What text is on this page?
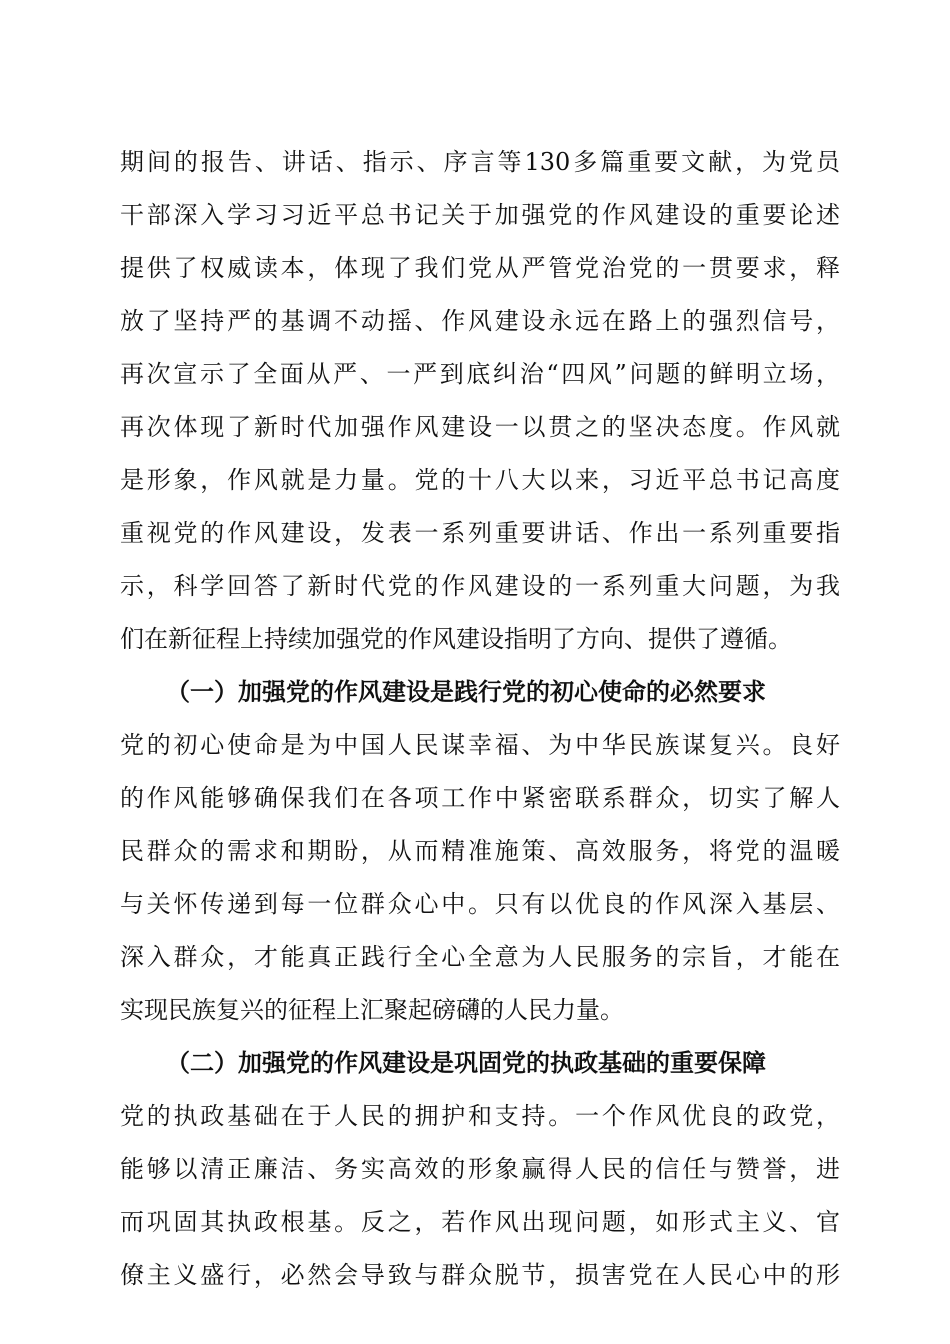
期间的报告、讲话、指示、序言等130多篇重要文献，为党员
干部深入学习习近平总书记关于加强党的作风建设的重要论述
提供了权威读本，体现了我们党从严管党治党的一贯要求，释
放了坚持严的基调不动摇、作风建设永远在路上的强烈信号，
再次宣示了全面从严、一严到底纠治“四风”问题的鲜明立场，
再次体现了新时代加强作风建设一以贯之的坚决态度。作风就
是形象，作风就是力量。党的十八大以来，习近平总书记高度
重视党的作风建设，发表一系列重要讲话、作出一系列重要指
示，科学回答了新时代党的作风建设的一系列重大问题，为我
们在新征程上持续加强党的作风建设指明了方向、提供了遵循。
（一）加强党的作风建设是践行党的初心使命的必然要求
党的初心使命是为中国人民谋幸福、为中华民族谋复兴。良好
的作风能够确保我们在各项工作中紧密联系群众，切实了解人
民群众的需求和期盼，从而精准施策、高效服务，将党的温暖
与关怀传递到每一位群众心中。只有以优良的作风深入基层、
深入群众，才能真正践行全心全意为人民服务的宗旨，才能在
实现民族复兴的征程上汇聚起磅礴的人民力量。
（二）加强党的作风建设是巩固党的执政基础的重要保障
党的执政基础在于人民的拥护和支持。一个作风优良的政党，
能够以清正廉洁、务实高效的形象赢得人民的信任与赞誉，进
而巩固其执政根基。反之，若作风出现问题，如形式主义、官
僚主义盛行，必然会导致与群众脱节，损害党在人民心中的形
